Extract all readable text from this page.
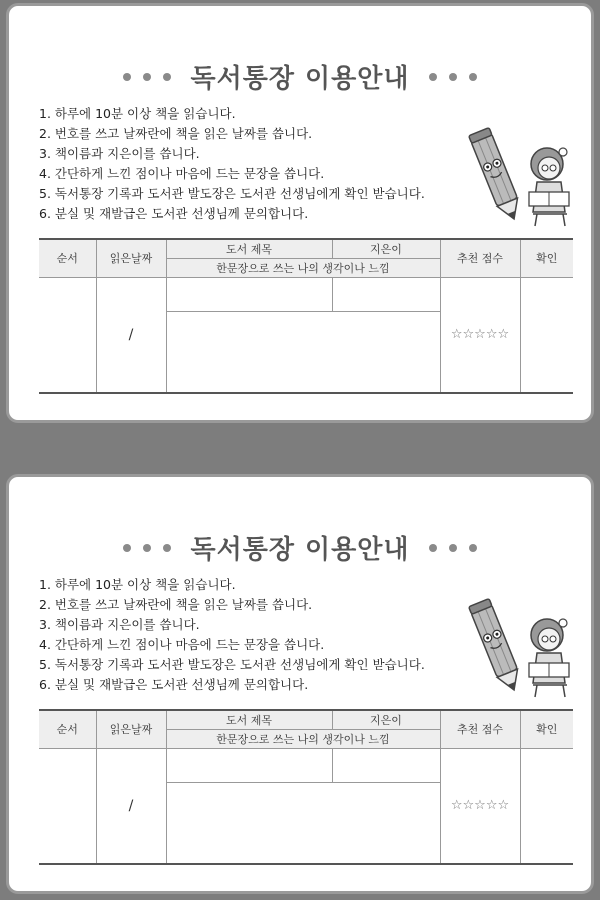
독서통장 이용안내
1. 하루에 10분 이상 책을 읽습니다.
2. 번호를 쓰고 날짜란에 책을 읽은 날짜를 씁니다.
3. 책이름과 지은이를 씁니다.
4. 간단하게 느낀 점이나 마음에 드는 문장을 씁니다.
5. 독서통장 기록과 도서관 발도장은 도서관 선생님에게 확인 받습니다.
6. 분실 및 재발급은 도서관 선생님께 문의합니다.
순서	읽은날짜	도서 제목	지은이	추천 점수	확인
		한문장으로 쓰는 나의 생각이나 느낌			
	/			☆☆☆☆☆	

독서통장 이용안내
1. 하루에 10분 이상 책을 읽습니다.
2. 번호를 쓰고 날짜란에 책을 읽은 날짜를 씁니다.
3. 책이름과 지은이를 씁니다.
4. 간단하게 느낀 점이나 마음에 드는 문장을 씁니다.
5. 독서통장 기록과 도서관 발도장은 도서관 선생님에게 확인 받습니다.
6. 분실 및 재발급은 도서관 선생님께 문의합니다.
순서	읽은날짜	도서 제목	지은이	추천 점수	확인
		한문장으로 쓰는 나의 생각이나 느낌			
	/			☆☆☆☆☆	
